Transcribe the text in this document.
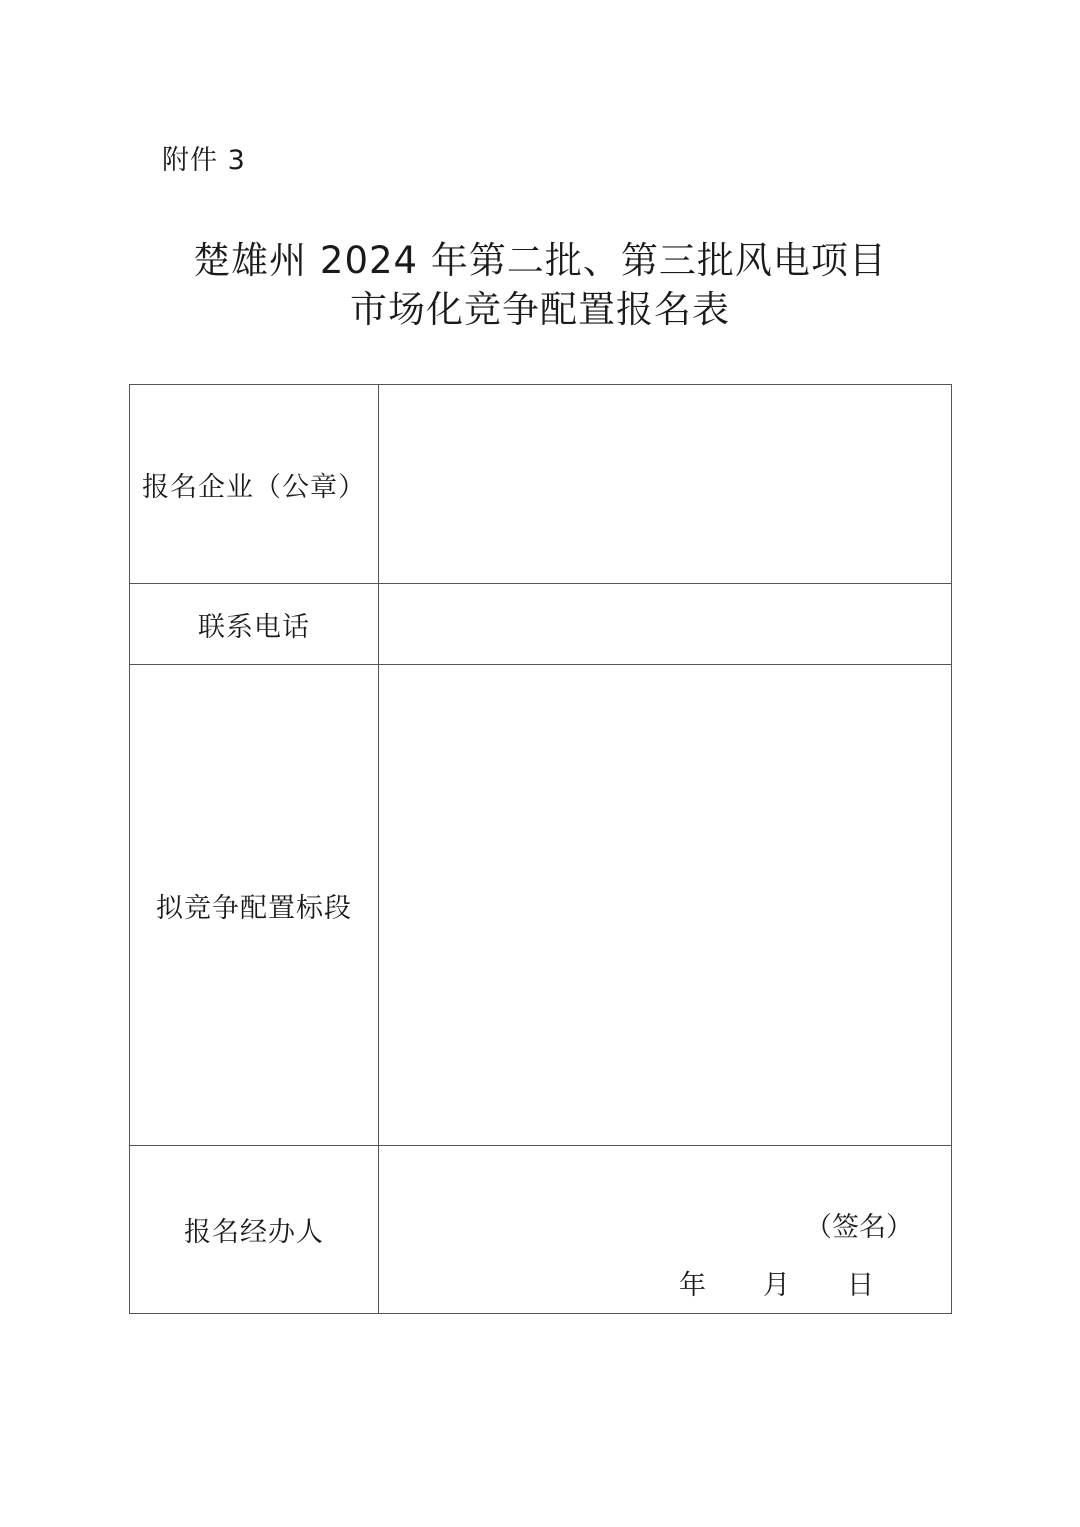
附件 3
楚雄州 2024 年第二批、第三批风电项目
市场化竞争配置报名表
报名企业（公章）	
联系电话	
拟竞争配置标段	
报名经办人	（签名）
年 月 日
